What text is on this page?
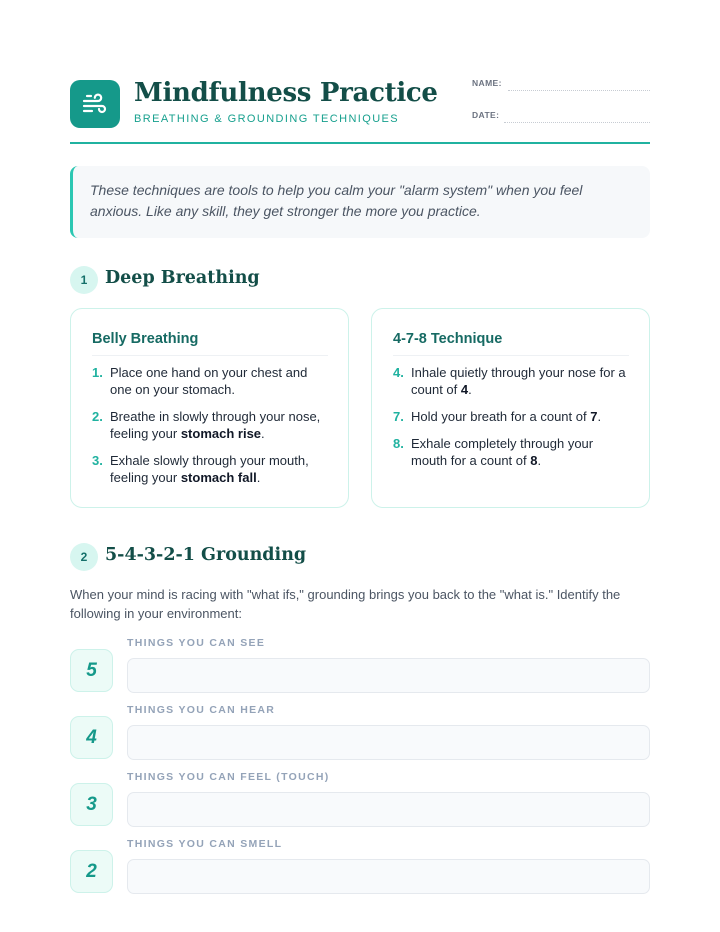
Mindfulness Practice
BREATHING & GROUNDING TECHNIQUES
NAME:
DATE:
These techniques are tools to help you calm your "alarm system" when you feel anxious. Like any skill, they get stronger the more you practice.
1	Deep Breathing
Belly Breathing
1. Place one hand on your chest and one on your stomach.
2. Breathe in slowly through your nose, feeling your stomach rise.
3. Exhale slowly through your mouth, feeling your stomach fall.
4-7-8 Technique
4. Inhale quietly through your nose for a count of 4.
7. Hold your breath for a count of 7.
8. Exhale completely through your mouth for a count of 8.
2	5-4-3-2-1 Grounding
When your mind is racing with "what ifs," grounding brings you back to the "what is." Identify the following in your environment:
5
THINGS YOU CAN SEE
4
THINGS YOU CAN HEAR
3
THINGS YOU CAN FEEL (TOUCH)
2
THINGS YOU CAN SMELL
